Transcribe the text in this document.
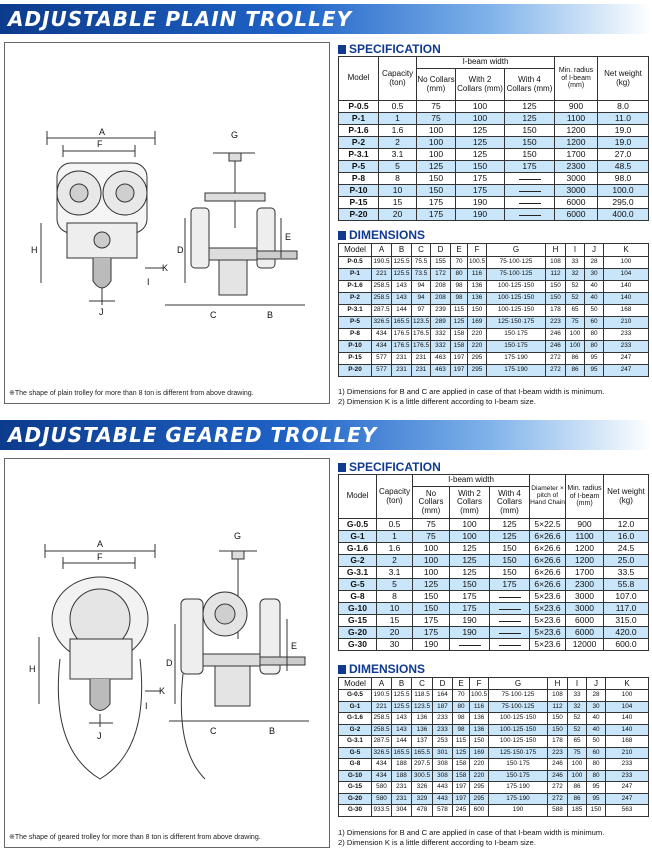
ADJUSTABLE PLAIN TROLLEY
A
F
G
D
E
H
K
I
J	C	B
※The shape of plain trolley for more than 8 ton is different from above drawing.
SPECIFICATION
Model	Capacity (ton)	I-beam width			Min. radius of I-beam (mm)	Net weight (kg)
		No Collars (mm)	With 2 Collars (mm)	With 4 Collars (mm)		
P-0.5	0.5	75	100	125	900	8.0
P-1	1	75	100	125	1100	11.0
P-1.6	1.6	100	125	150	1200	19.0
P-2	2	100	125	150	1200	19.0
P-3.1	3.1	100	125	150	1700	27.0
P-5	5	125	150	175	2300	48.5
P-8	8	150	175		3000	98.0
P-10	10	150	175		3000	100.0
P-15	15	175	190		6000	295.0
P-20	20	175	190		6000	400.0
DIMENSIONS
Model	A	B	C	D	E	F	G	H	I	J	K
P-0.5	190.5	125.5	75.5	155	70	100.5	75·100·125	108	33	28	100
P-1	221	125.5	73.5	172	80	116	75·100·125	112	32	30	104
P-1.6	258.5	143	94	208	98	136	100·125·150	150	52	40	140
P-2	258.5	143	94	208	98	136	100·125·150	150	52	40	140
P-3.1	287.5	144	97	239	115	150	100·125·150	178	65	50	168
P-5	326.5	165.5	123.5	289	125	169	125·150·175	223	75	60	210
P-8	434	176.5	176.5	332	158	220	150·175	246	100	80	233
P-10	434	176.5	176.5	332	158	220	150·175	246	100	80	233
P-15	577	231	231	463	197	295	175·190	272	86	95	247
P-20	577	231	231	463	197	295	175·190	272	86	95	247
1) Dimensions for B and C are applied in case of that I-beam width is minimum.
2) Dimension K is a little different according to I-beam size.
ADJUSTABLE GEARED TROLLEY
A
F
G
D
E
H
K
I
J	C	B
※The shape of geared trolley for more than 8 ton is different from above drawing.
SPECIFICATION
Model	Capacity (ton)	I-beam width			Diameter × pitch of Hand Chain	Min. radius of I-beam (mm)	Net weight (kg)
		No Collars (mm)	With 2 Collars (mm)	With 4 Collars (mm)			
G-0.5	0.5	75	100	125	5×22.5	900	12.0
G-1	1	75	100	125	6×26.6	1100	16.0
G-1.6	1.6	100	125	150	6×26.6	1200	24.5
G-2	2	100	125	150	6×26.6	1200	25.0
G-3.1	3.1	100	125	150	6×26.6	1700	33.5
G-5	5	125	150	175	6×26.6	2300	55.8
G-8	8	150	175		5×23.6	3000	107.0
G-10	10	150	175		5×23.6	3000	117.0
G-15	15	175	190		5×23.6	6000	315.0
G-20	20	175	190		5×23.6	6000	420.0
G-30	30	190			5×23.6	12000	600.0
DIMENSIONS
Model	A	B	C	D	E	F	G	H	I	J	K
G-0.5	190.5	125.5	118.5	164	70	100.5	75·100·125	108	33	28	100
G-1	221	125.5	123.5	187	80	116	75·100·125	112	32	30	104
G-1.6	258.5	143	136	233	98	136	100·125·150	150	52	40	140
G-2	258.5	143	136	233	98	136	100·125·150	150	52	40	140
G-3.1	287.5	144	137	253	115	150	100·125·150	178	65	50	168
G-5	326.5	165.5	165.5	301	125	169	125·150·175	223	75	60	210
G-8	434	188	297.5	308	158	220	150·175	246	100	80	233
G-10	434	188	300.5	308	158	220	150·175	246	100	80	233
G-15	580	231	326	443	197	295	175·190	272	86	95	247
G-20	580	231	329	443	197	295	175·190	272	86	95	247
G-30	933.5	304	478	578	245	600	190	588	185	150	563
1) Dimensions for B and C are applied in case of that I-beam width is minimum.
2) Dimension K is a little different according to I-beam size.
